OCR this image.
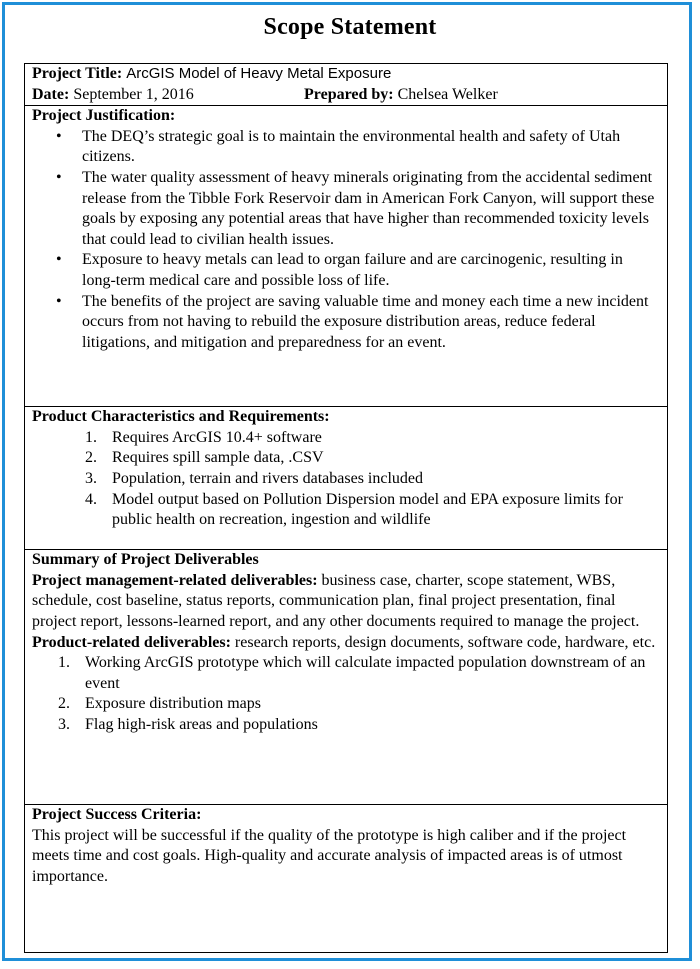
Scope Statement
Project Title: ArcGIS Model of Heavy Metal Exposure
Date: September 1, 2016	Prepared by: Chelsea Welker

Project Justification:
• The DEQ’s strategic goal is to maintain the environmental health and safety of Utah citizens.
• The water quality assessment of heavy minerals originating from the accidental sediment release from the Tibble Fork Reservoir dam in American Fork Canyon, will support these goals by exposing any potential areas that have higher than recommended toxicity levels that could lead to civilian health issues.
• Exposure to heavy metals can lead to organ failure and are carcinogenic, resulting in long-term medical care and possible loss of life.
• The benefits of the project are saving valuable time and money each time a new incident occurs from not having to rebuild the exposure distribution areas, reduce federal litigations, and mitigation and preparedness for an event.

Product Characteristics and Requirements:
1. Requires ArcGIS 10.4+ software
2. Requires spill sample data, .CSV
3. Population, terrain and rivers databases included
4. Model output based on Pollution Dispersion model and EPA exposure limits for public health on recreation, ingestion and wildlife

Summary of Project Deliverables
Project management-related deliverables: business case, charter, scope statement, WBS, schedule, cost baseline, status reports, communication plan, final project presentation, final project report, lessons-learned report, and any other documents required to manage the project.
Product-related deliverables: research reports, design documents, software code, hardware, etc.
1. Working ArcGIS prototype which will calculate impacted population downstream of an event
2. Exposure distribution maps
3. Flag high-risk areas and populations

Project Success Criteria:
This project will be successful if the quality of the prototype is high caliber and if the project meets time and cost goals. High-quality and accurate analysis of impacted areas is of utmost importance.
